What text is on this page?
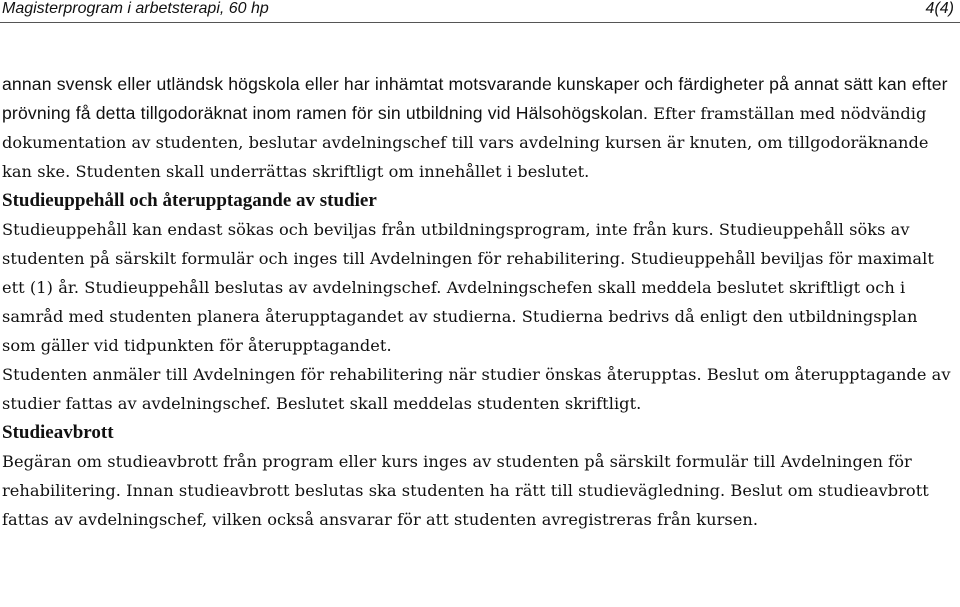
Magisterprogram i arbetsterapi, 60 hp	4(4)

annan svensk eller utländsk högskola eller har inhämtat motsvarande kunskaper och färdigheter på annat sätt kan efter prövning få detta tillgodoräknat inom ramen för sin utbildning vid Hälsohögskolan. Efter framställan med nödvändig dokumentation av studenten, beslutar avdelningschef till vars avdelning kursen är knuten, om tillgodoräknande kan ske. Studenten skall underrättas skriftligt om innehållet i beslutet.

Studieuppehåll och återupptagande av studier

Studieuppehåll kan endast sökas och beviljas från utbildningsprogram, inte från kurs. Studieuppehåll söks av studenten på särskilt formulär och inges till Avdelningen för rehabilitering. Studieuppehåll beviljas för maximalt ett (1) år. Studieuppehåll beslutas av avdelningschef. Avdelningschefen skall meddela beslutet skriftligt och i samråd med studenten planera återupptagandet av studierna. Studierna bedrivs då enligt den utbildningsplan som gäller vid tidpunkten för återupptagandet.

Studenten anmäler till Avdelningen för rehabilitering när studier önskas återupptas. Beslut om återupptagande av studier fattas av avdelningschef. Beslutet skall meddelas studenten skriftligt.

Studieavbrott

Begäran om studieavbrott från program eller kurs inges av studenten på särskilt formulär till Avdelningen för rehabilitering. Innan studieavbrott beslutas ska studenten ha rätt till studievägledning. Beslut om studieavbrott fattas av avdelningschef, vilken också ansvarar för att studenten avregistreras från kursen.
